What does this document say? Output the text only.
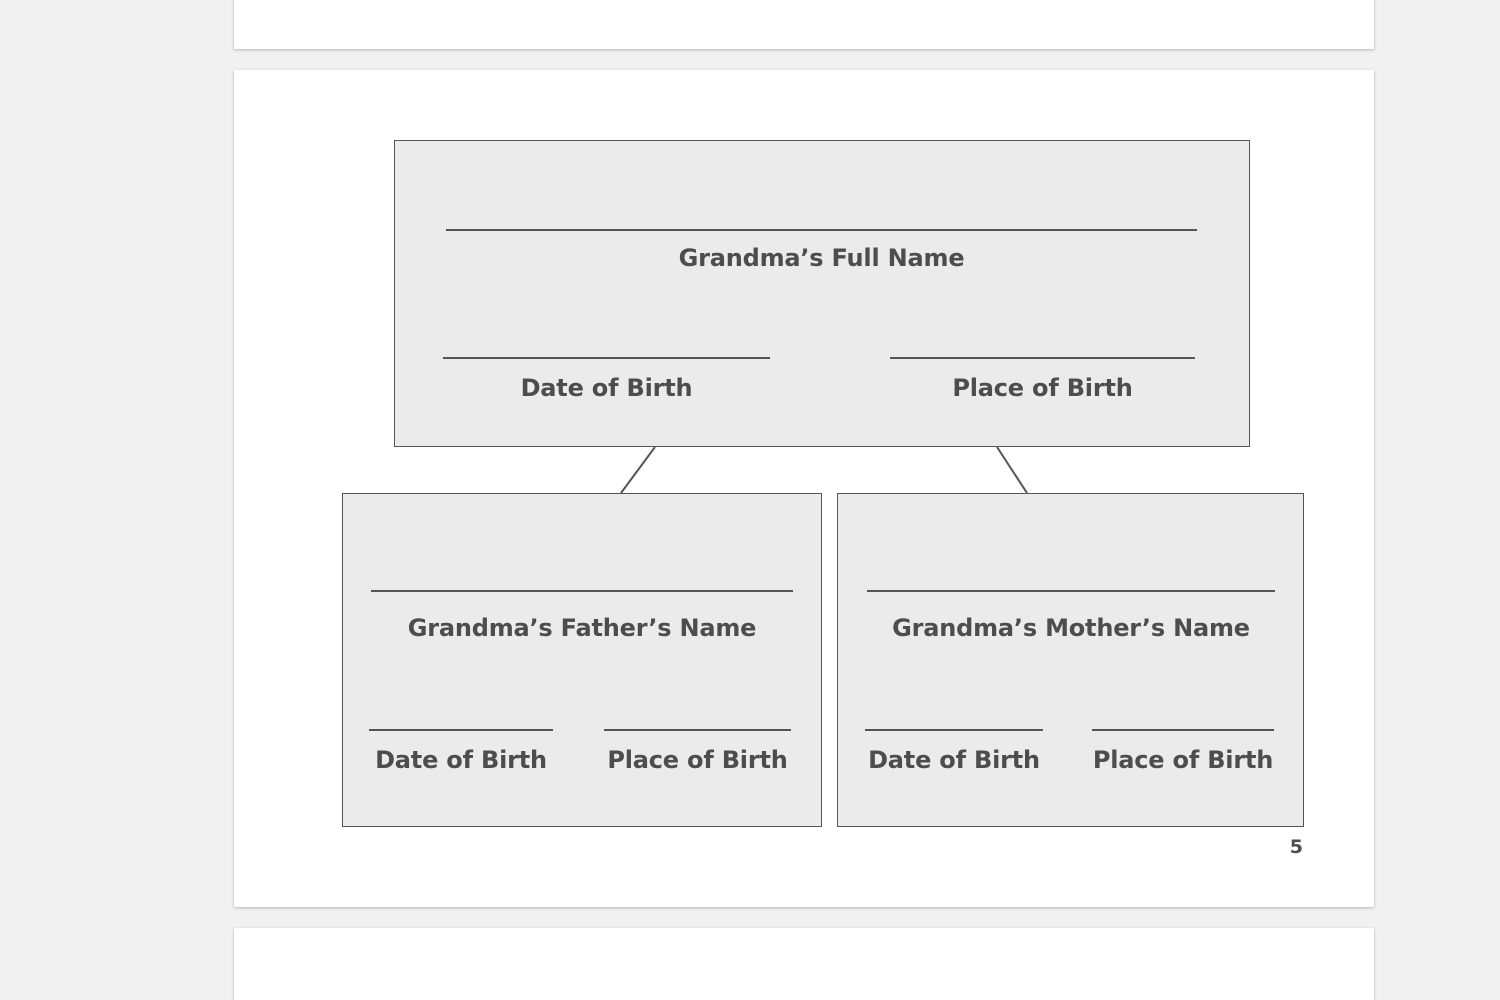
Grandma’s Full Name
Date of Birth	Place of Birth
Grandma’s Father’s Name
Date of Birth	Place of Birth
Grandma’s Mother’s Name
Date of Birth	Place of Birth
5
